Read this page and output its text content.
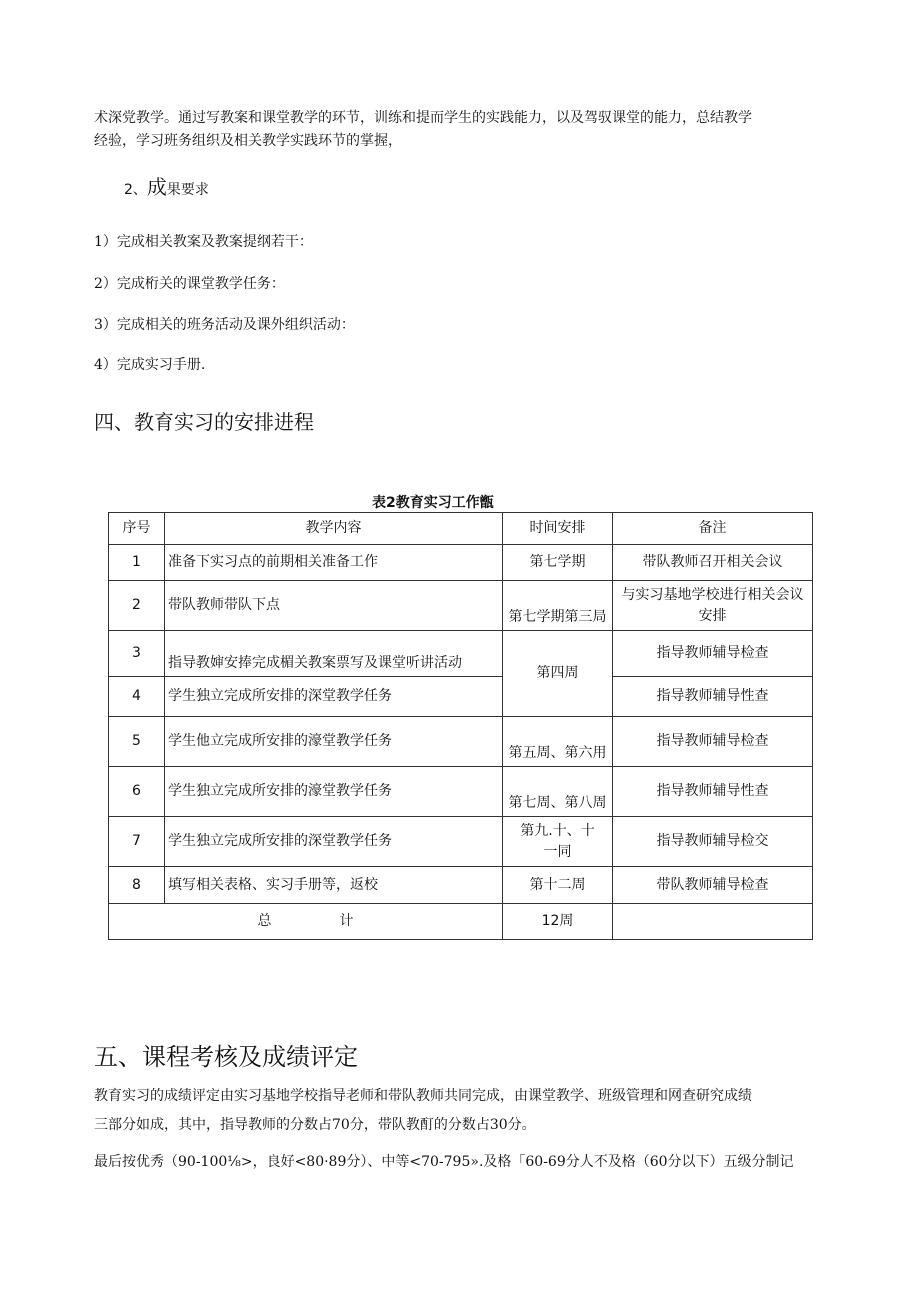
术深党教学。通过写教案和课堂教学的环节，训练和提而学生的实践能力，以及驾驭课堂的能力，总结教学
经验，学习班务组织及相关教学实践环节的掌握，
2、成果要求
1）完成相关教案及教案提纲若干：
2）完成桁关的课堂教学任务：
3）完成相关的班务活动及课外组织活动：
4）完成实习手册.
四、教育实习的安排进程
表2教育实习工作甑
序号	教学内容	时间安排	备注
1	准备下实习点的前期相关准备工作	第七学期	带队教师召开相关会议
2	带队教师带队下点	第七学期第三局	与实习基地学校进行相关会议安排
3	指导教婶安捧完成楣关教案票写及课堂听讲活动	第四周	指导教师辅导检查
4	学生独立完成所安排的深堂教学任务		指导教师辅导性查
5	学生他立完成所安排的濠堂教学任务	第五周、第六用	指导教师辅导检查
6	学生独立完成所安排的濠堂教学任务	第七周、第八周	指导教师辅导性查
7	学生独立完成所安排的深堂教学任务	第九.十、十一同	指导教师辅导检交
8	填写相关表格、实习手册等，返校	第十二周	带队教师辅导检查
总 计		12周	
五、课程考核及成绩评定
教育实习的成绩评定由实习基地学校指导老师和带队教师共同完成，由课堂教学、班级管理和网查研究成绩
三部分如成，其中，指导教师的分数占70分，带队教酊的分数占30分。
最后按优秀（90-100⅛>，良好<80·89分）、中等<70-795».及格「60-69分人不及格（60分以下）五级分制记
